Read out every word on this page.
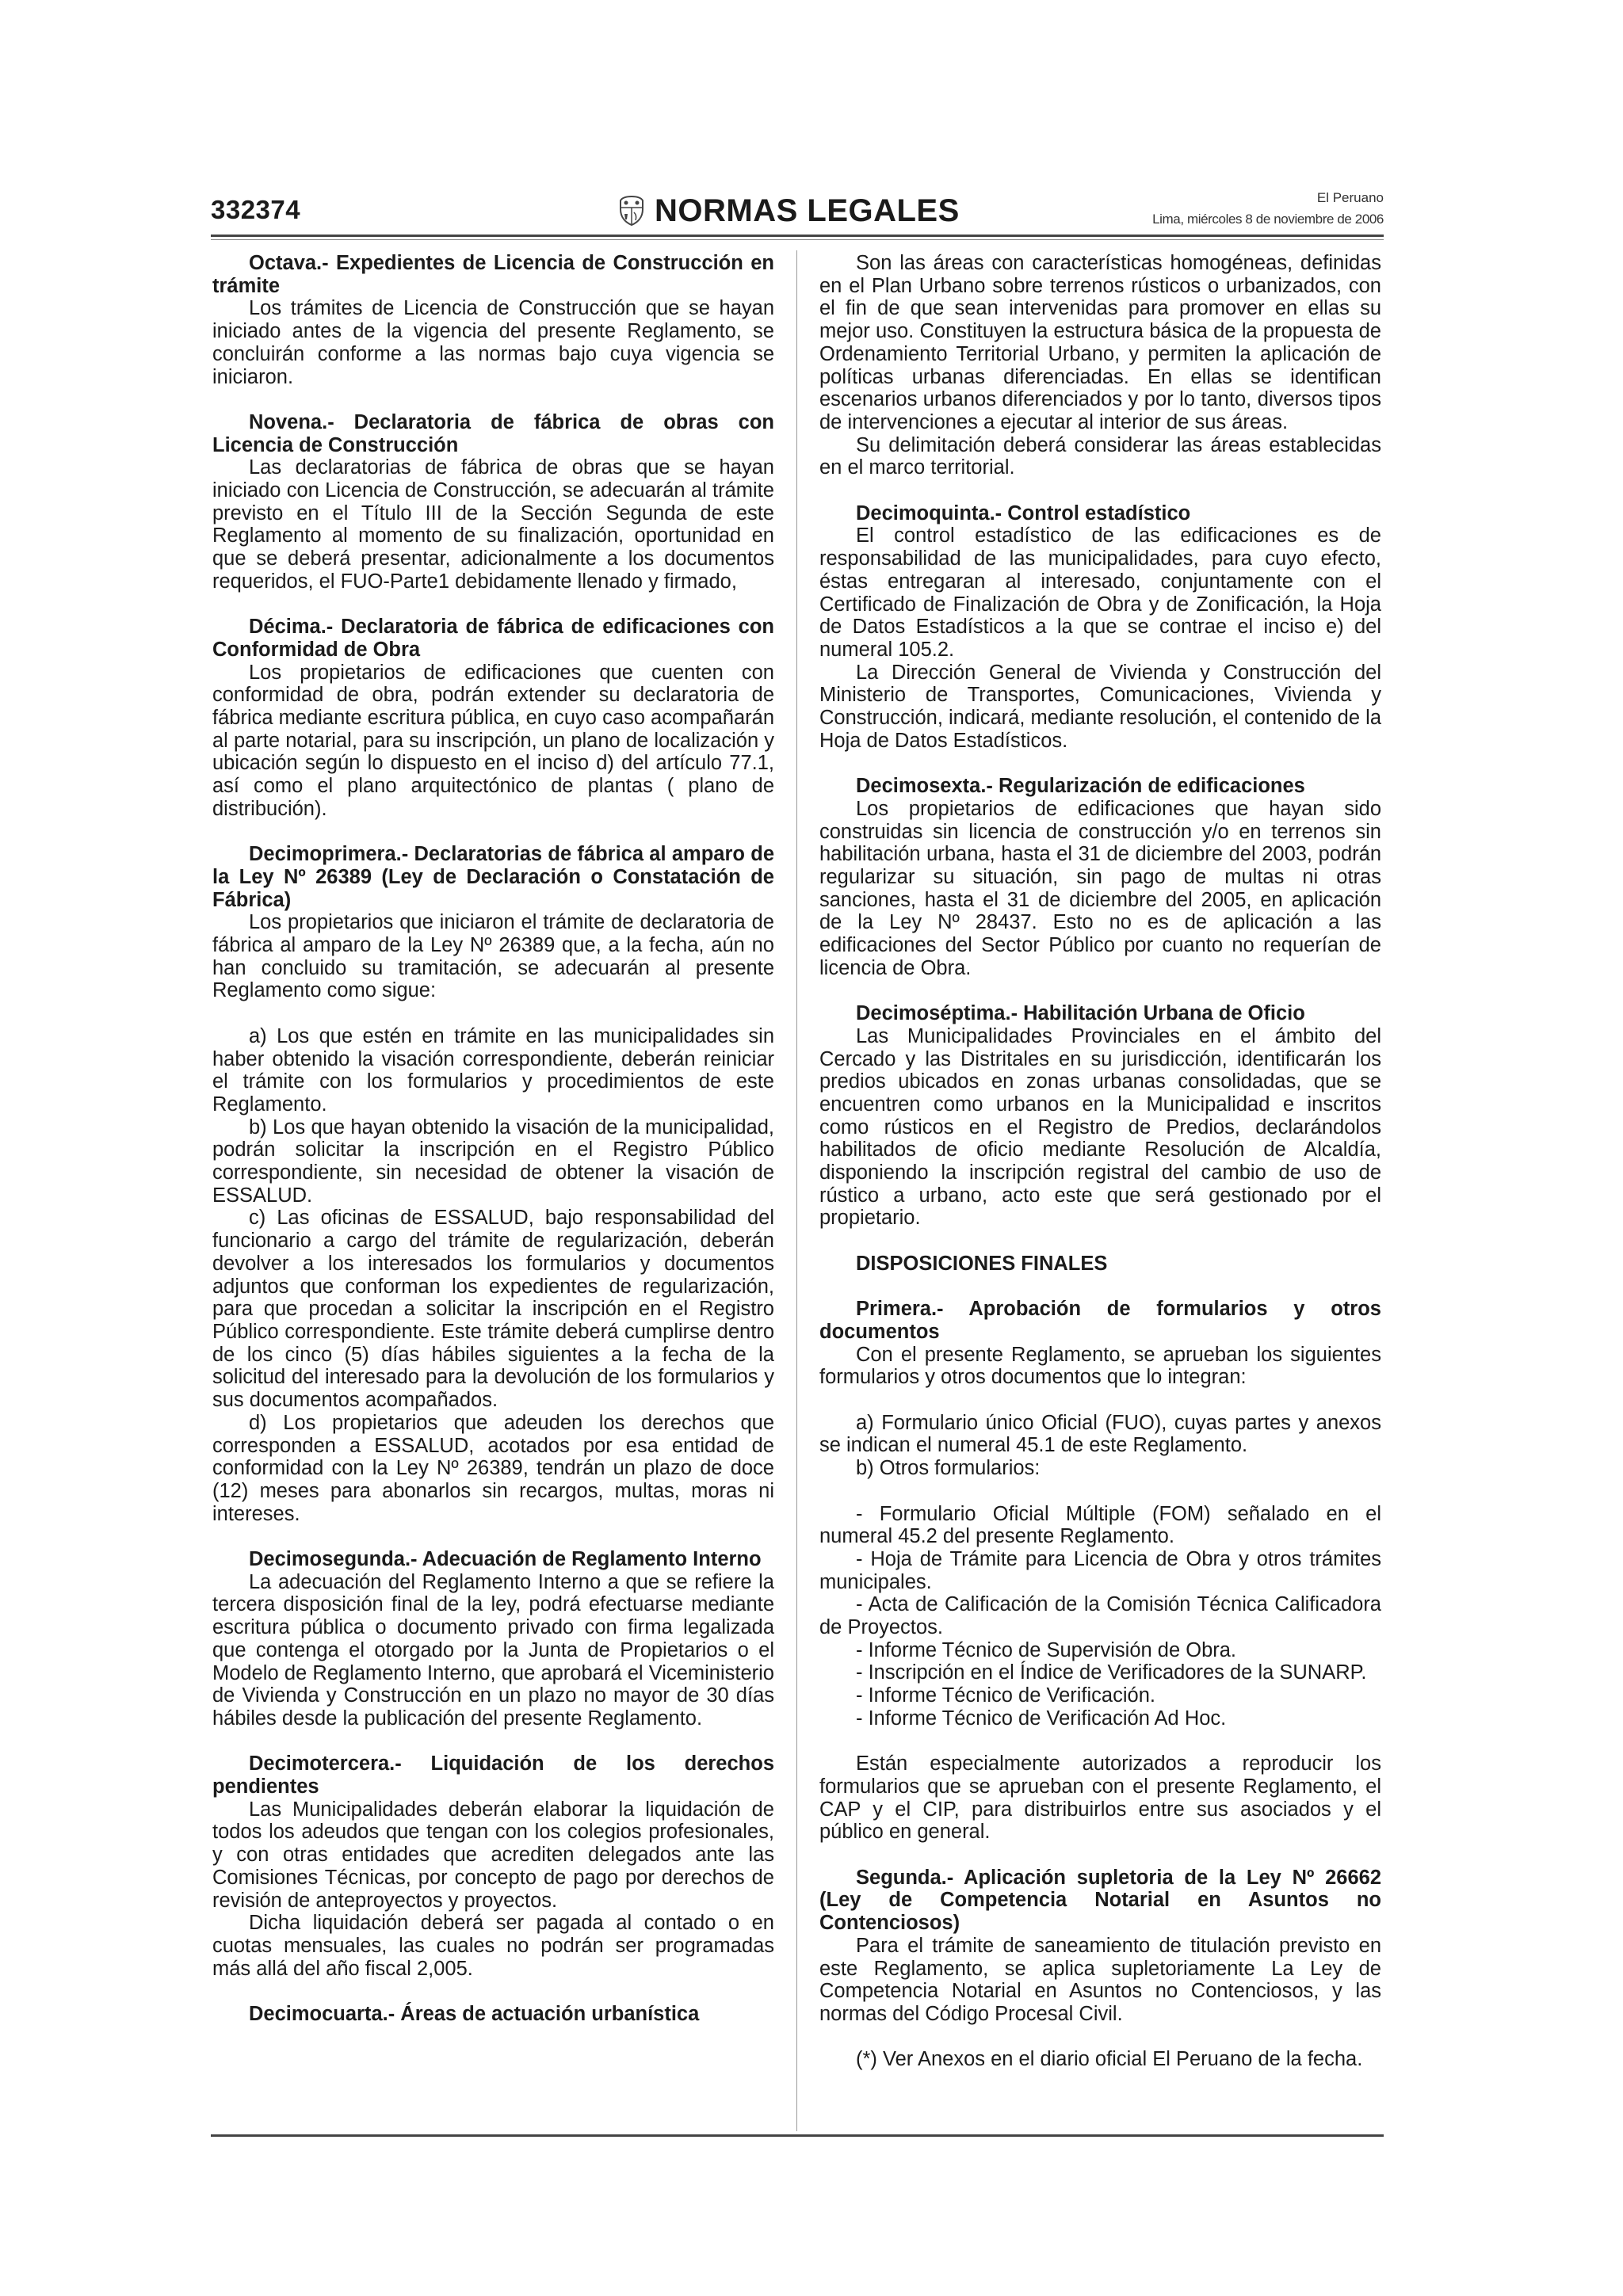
332374	NORMAS LEGALES	El Peruano
Lima, miércoles 8 de noviembre de 2006

Octava.- Expedientes de Licencia de Construcción en trámite

Los trámites de Licencia de Construcción que se hayan iniciado antes de la vigencia del presente Reglamento, se concluirán conforme a las normas bajo cuya vigencia se iniciaron.

Novena.- Declaratoria de fábrica de obras con Licencia de Construcción

Las declaratorias de fábrica de obras que se hayan iniciado con Licencia de Construcción, se adecuarán al trámite previsto en el Título III de la Sección Segunda de este Reglamento al momento de su finalización, oportunidad en que se deberá presentar, adicionalmente a los documentos requeridos, el FUO-Parte1 debidamente llenado y firmado,

Décima.- Declaratoria de fábrica de edificaciones con Conformidad de Obra

Los propietarios de edificaciones que cuenten con conformidad de obra, podrán extender su declaratoria de fábrica mediante escritura pública, en cuyo caso acompañarán al parte notarial, para su inscripción, un plano de localización y ubicación según lo dispuesto en el inciso d) del artículo 77.1, así como el plano arquitectónico de plantas ( plano de distribución).

Decimoprimera.- Declaratorias de fábrica al amparo de la Ley Nº 26389 (Ley de Declaración o Constatación de Fábrica)

Los propietarios que iniciaron el trámite de declaratoria de fábrica al amparo de la Ley Nº 26389 que, a la fecha, aún no han concluido su tramitación, se adecuarán al presente Reglamento como sigue:

a) Los que estén en trámite en las municipalidades sin haber obtenido la visación correspondiente, deberán reiniciar el trámite con los formularios y procedimientos de este Reglamento.

b) Los que hayan obtenido la visación de la municipalidad, podrán solicitar la inscripción en el Registro Público correspondiente, sin necesidad de obtener la visación de ESSALUD.

c) Las oficinas de ESSALUD, bajo responsabilidad del funcionario a cargo del trámite de regularización, deberán devolver a los interesados los formularios y documentos adjuntos que conforman los expedientes de regularización, para que procedan a solicitar la inscripción en el Registro Público correspondiente. Este trámite deberá cumplirse dentro de los cinco (5) días hábiles siguientes a la fecha de la solicitud del interesado para la devolución de los formularios y sus documentos acompañados.

d) Los propietarios que adeuden los derechos que corresponden a ESSALUD, acotados por esa entidad de conformidad con la Ley Nº 26389, tendrán un plazo de doce (12) meses para abonarlos sin recargos, multas, moras ni intereses.

Decimosegunda.- Adecuación de Reglamento Interno

La adecuación del Reglamento Interno a que se refiere la tercera disposición final de la ley, podrá efectuarse mediante escritura pública o documento privado con firma legalizada que contenga el otorgado por la Junta de Propietarios o el Modelo de Reglamento Interno, que aprobará el Viceministerio de Vivienda y Construcción en un plazo no mayor de 30 días hábiles desde la publicación del presente Reglamento.

Decimotercera.- Liquidación de los derechos pendientes

Las Municipalidades deberán elaborar la liquidación de todos los adeudos que tengan con los colegios profesionales, y con otras entidades que acrediten delegados ante las Comisiones Técnicas, por concepto de pago por derechos de revisión de anteproyectos y proyectos.

Dicha liquidación deberá ser pagada al contado o en cuotas mensuales, las cuales no podrán ser programadas más allá del año fiscal 2,005.

Decimocuarta.- Áreas de actuación urbanística

Son las áreas con características homogéneas, definidas en el Plan Urbano sobre terrenos rústicos o urbanizados, con el fin de que sean intervenidas para promover en ellas su mejor uso. Constituyen la estructura básica de la propuesta de Ordenamiento Territorial Urbano, y permiten la aplicación de políticas urbanas diferenciadas. En ellas se identifican escenarios urbanos diferenciados y por lo tanto, diversos tipos de intervenciones a ejecutar al interior de sus áreas.

Su delimitación deberá considerar las áreas establecidas en el marco territorial.

Decimoquinta.- Control estadístico

El control estadístico de las edificaciones es de responsabilidad de las municipalidades, para cuyo efecto, éstas entregaran al interesado, conjuntamente con el Certificado de Finalización de Obra y de Zonificación, la Hoja de Datos Estadísticos a la que se contrae el inciso e) del numeral 105.2.

La Dirección General de Vivienda y Construcción del Ministerio de Transportes, Comunicaciones, Vivienda y Construcción, indicará, mediante resolución, el contenido de la Hoja de Datos Estadísticos.

Decimosexta.- Regularización de edificaciones

Los propietarios de edificaciones que hayan sido construidas sin licencia de construcción y/o en terrenos sin habilitación urbana, hasta el 31 de diciembre del 2003, podrán regularizar su situación, sin pago de multas ni otras sanciones, hasta el 31 de diciembre del 2005, en aplicación de la Ley Nº 28437. Esto no es de aplicación a las edificaciones del Sector Público por cuanto no requerían de licencia de Obra.

Decimoséptima.- Habilitación Urbana de Oficio

Las Municipalidades Provinciales en el ámbito del Cercado y las Distritales en su jurisdicción, identificarán los predios ubicados en zonas urbanas consolidadas, que se encuentren como urbanos en la Municipalidad e inscritos como rústicos en el Registro de Predios, declarándolos habilitados de oficio mediante Resolución de Alcaldía, disponiendo la inscripción registral del cambio de uso de rústico a urbano, acto este que será gestionado por el propietario.

DISPOSICIONES FINALES

Primera.- Aprobación de formularios y otros documentos

Con el presente Reglamento, se aprueban los siguientes formularios y otros documentos que lo integran:

a) Formulario único Oficial (FUO), cuyas partes y anexos se indican el numeral 45.1 de este Reglamento.

b) Otros formularios:

- Formulario Oficial Múltiple (FOM) señalado en el numeral 45.2 del presente Reglamento.

- Hoja de Trámite para Licencia de Obra y otros trámites municipales.

- Acta de Calificación de la Comisión Técnica Calificadora de Proyectos.

- Informe Técnico de Supervisión de Obra.

- Inscripción en el Índice de Verificadores de la SUNARP.

- Informe Técnico de Verificación.

- Informe Técnico de Verificación Ad Hoc.

Están especialmente autorizados a reproducir los formularios que se aprueban con el presente Reglamento, el CAP y el CIP, para distribuirlos entre sus asociados y el público en general.

Segunda.- Aplicación supletoria de la Ley Nº 26662 (Ley de Competencia Notarial en Asuntos no Contenciosos)

Para el trámite de saneamiento de titulación previsto en este Reglamento, se aplica supletoriamente La Ley de Competencia Notarial en Asuntos no Contenciosos, y las normas del Código Procesal Civil.

(*) Ver Anexos en el diario oficial El Peruano de la fecha.
